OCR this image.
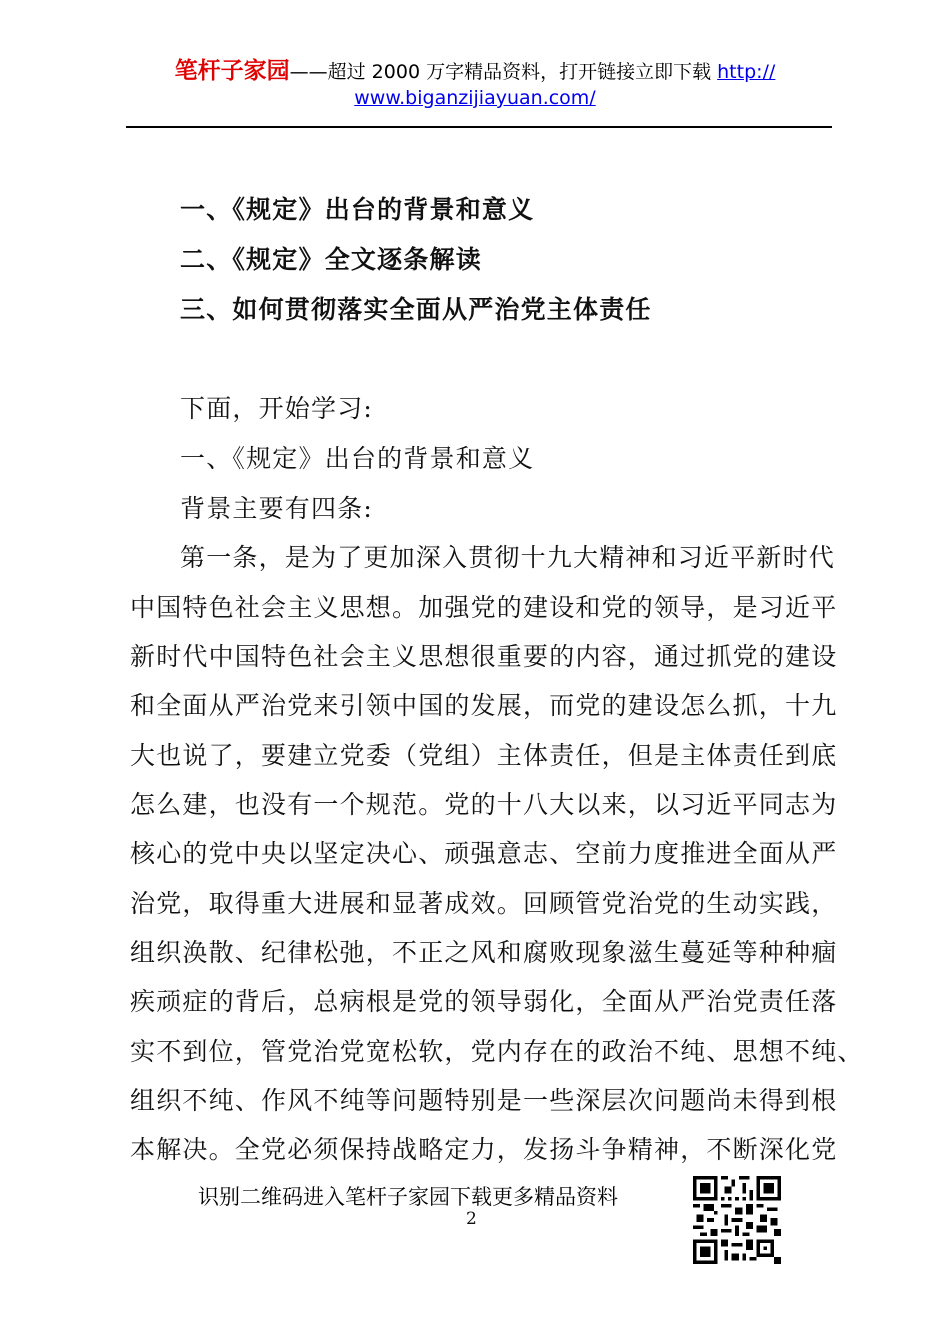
笔杆子家园——超过 2000 万字精品资料，打开链接立即下载 http://
www.biganzijiayuan.com/
一、《规定》出台的背景和意义
二、《规定》全文逐条解读
三、如何贯彻落实全面从严治党主体责任
下面，开始学习:
一、《规定》出台的背景和意义
背景主要有四条:
第一条，是为了更加深入贯彻十九大精神和习近平新时代
中国特色社会主义思想。加强党的建设和党的领导，是习近平
新时代中国特色社会主义思想很重要的内容，通过抓党的建设
和全面从严治党来引领中国的发展，而党的建设怎么抓，十九
大也说了，要建立党委（党组）主体责任，但是主体责任到底
怎么建，也没有一个规范。党的十八大以来，以习近平同志为
核心的党中央以坚定决心、顽强意志、空前力度推进全面从严
治党，取得重大进展和显著成效。回顾管党治党的生动实践，
组织涣散、纪律松弛，不正之风和腐败现象滋生蔓延等种种痼
疾顽症的背后，总病根是党的领导弱化，全面从严治党责任落
实不到位，管党治党宽松软，党内存在的政治不纯、思想不纯、
组织不纯、作风不纯等问题特别是一些深层次问题尚未得到根
本解决。全党必须保持战略定力，发扬斗争精神，不断深化党
识别二维码进入笔杆子家园下载更多精品资料
2
